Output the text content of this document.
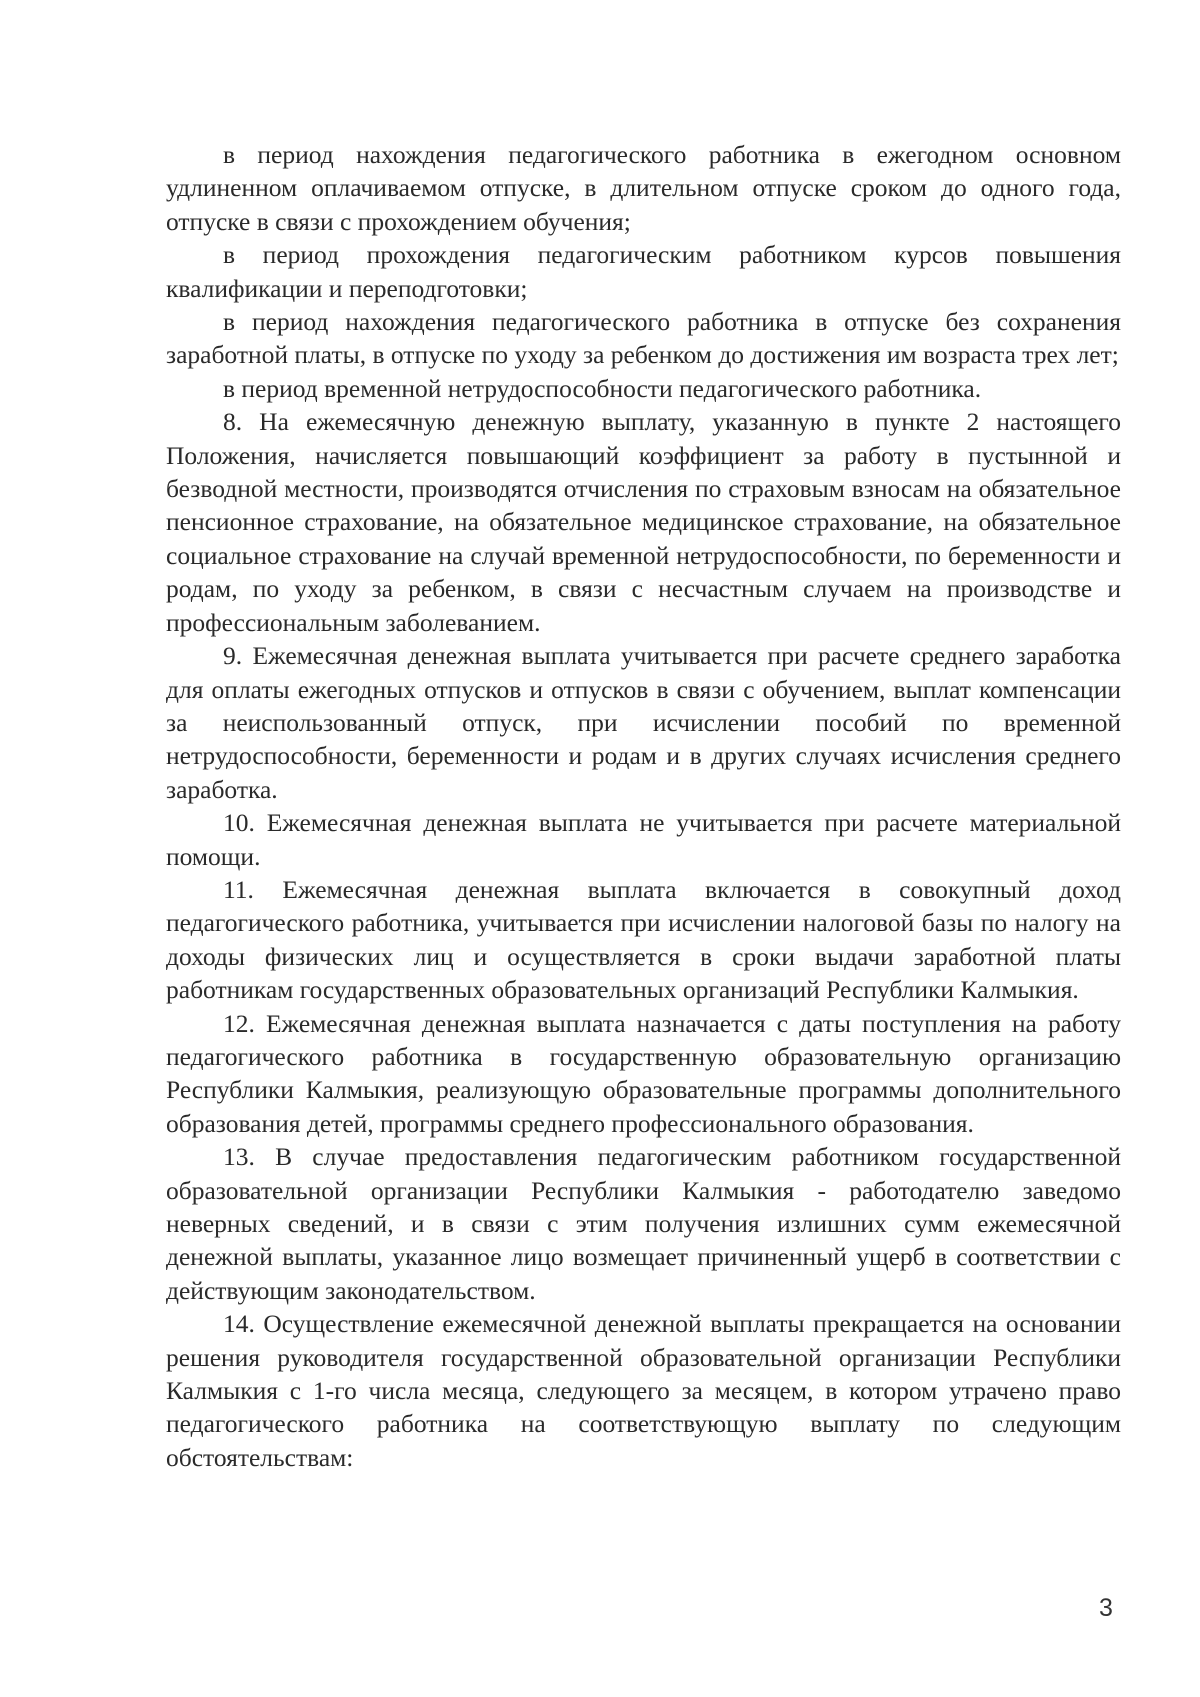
в период нахождения педагогического работника в ежегодном основном удлиненном оплачиваемом отпуске, в длительном отпуске сроком до одного года, отпуске в связи с прохождением обучения;

в период прохождения педагогическим работником курсов повышения квалификации и переподготовки;

в период нахождения педагогического работника в отпуске без сохранения заработной платы, в отпуске по уходу за ребенком до достижения им возраста трех лет;

в период временной нетрудоспособности педагогического работника.

8. На ежемесячную денежную выплату, указанную в пункте 2 настоящего Положения, начисляется повышающий коэффициент за работу в пустынной и безводной местности, производятся отчисления по страховым взносам на обязательное пенсионное страхование, на обязательное медицинское страхование, на обязательное социальное страхование на случай временной нетрудоспособности, по беременности и родам, по уходу за ребенком, в связи с несчастным случаем на производстве и профессиональным заболеванием.

9. Ежемесячная денежная выплата учитывается при расчете среднего заработка для оплаты ежегодных отпусков и отпусков в связи с обучением, выплат компенсации за неиспользованный отпуск, при исчислении пособий по временной нетрудоспособности, беременности и родам и в других случаях исчисления среднего заработка.

10. Ежемесячная денежная выплата не учитывается при расчете материальной помощи.

11. Ежемесячная денежная выплата включается в совокупный доход педагогического работника, учитывается при исчислении налоговой базы по налогу на доходы физических лиц и осуществляется в сроки выдачи заработной платы работникам государственных образовательных организаций Республики Калмыкия.

12. Ежемесячная денежная выплата назначается с даты поступления на работу педагогического работника в государственную образовательную организацию Республики Калмыкия, реализующую образовательные программы дополнительного образования детей, программы среднего профессионального образования.

13. В случае предоставления педагогическим работником государственной образовательной организации Республики Калмыкия - работодателю заведомо неверных сведений, и в связи с этим получения излишних сумм ежемесячной денежной выплаты, указанное лицо возмещает причиненный ущерб в соответствии с действующим законодательством.

14. Осуществление ежемесячной денежной выплаты прекращается на основании решения руководителя государственной образовательной организации Республики Калмыкия с 1-го числа месяца, следующего за месяцем, в котором утрачено право педагогического работника на соответствующую выплату по следующим обстоятельствам:

3
